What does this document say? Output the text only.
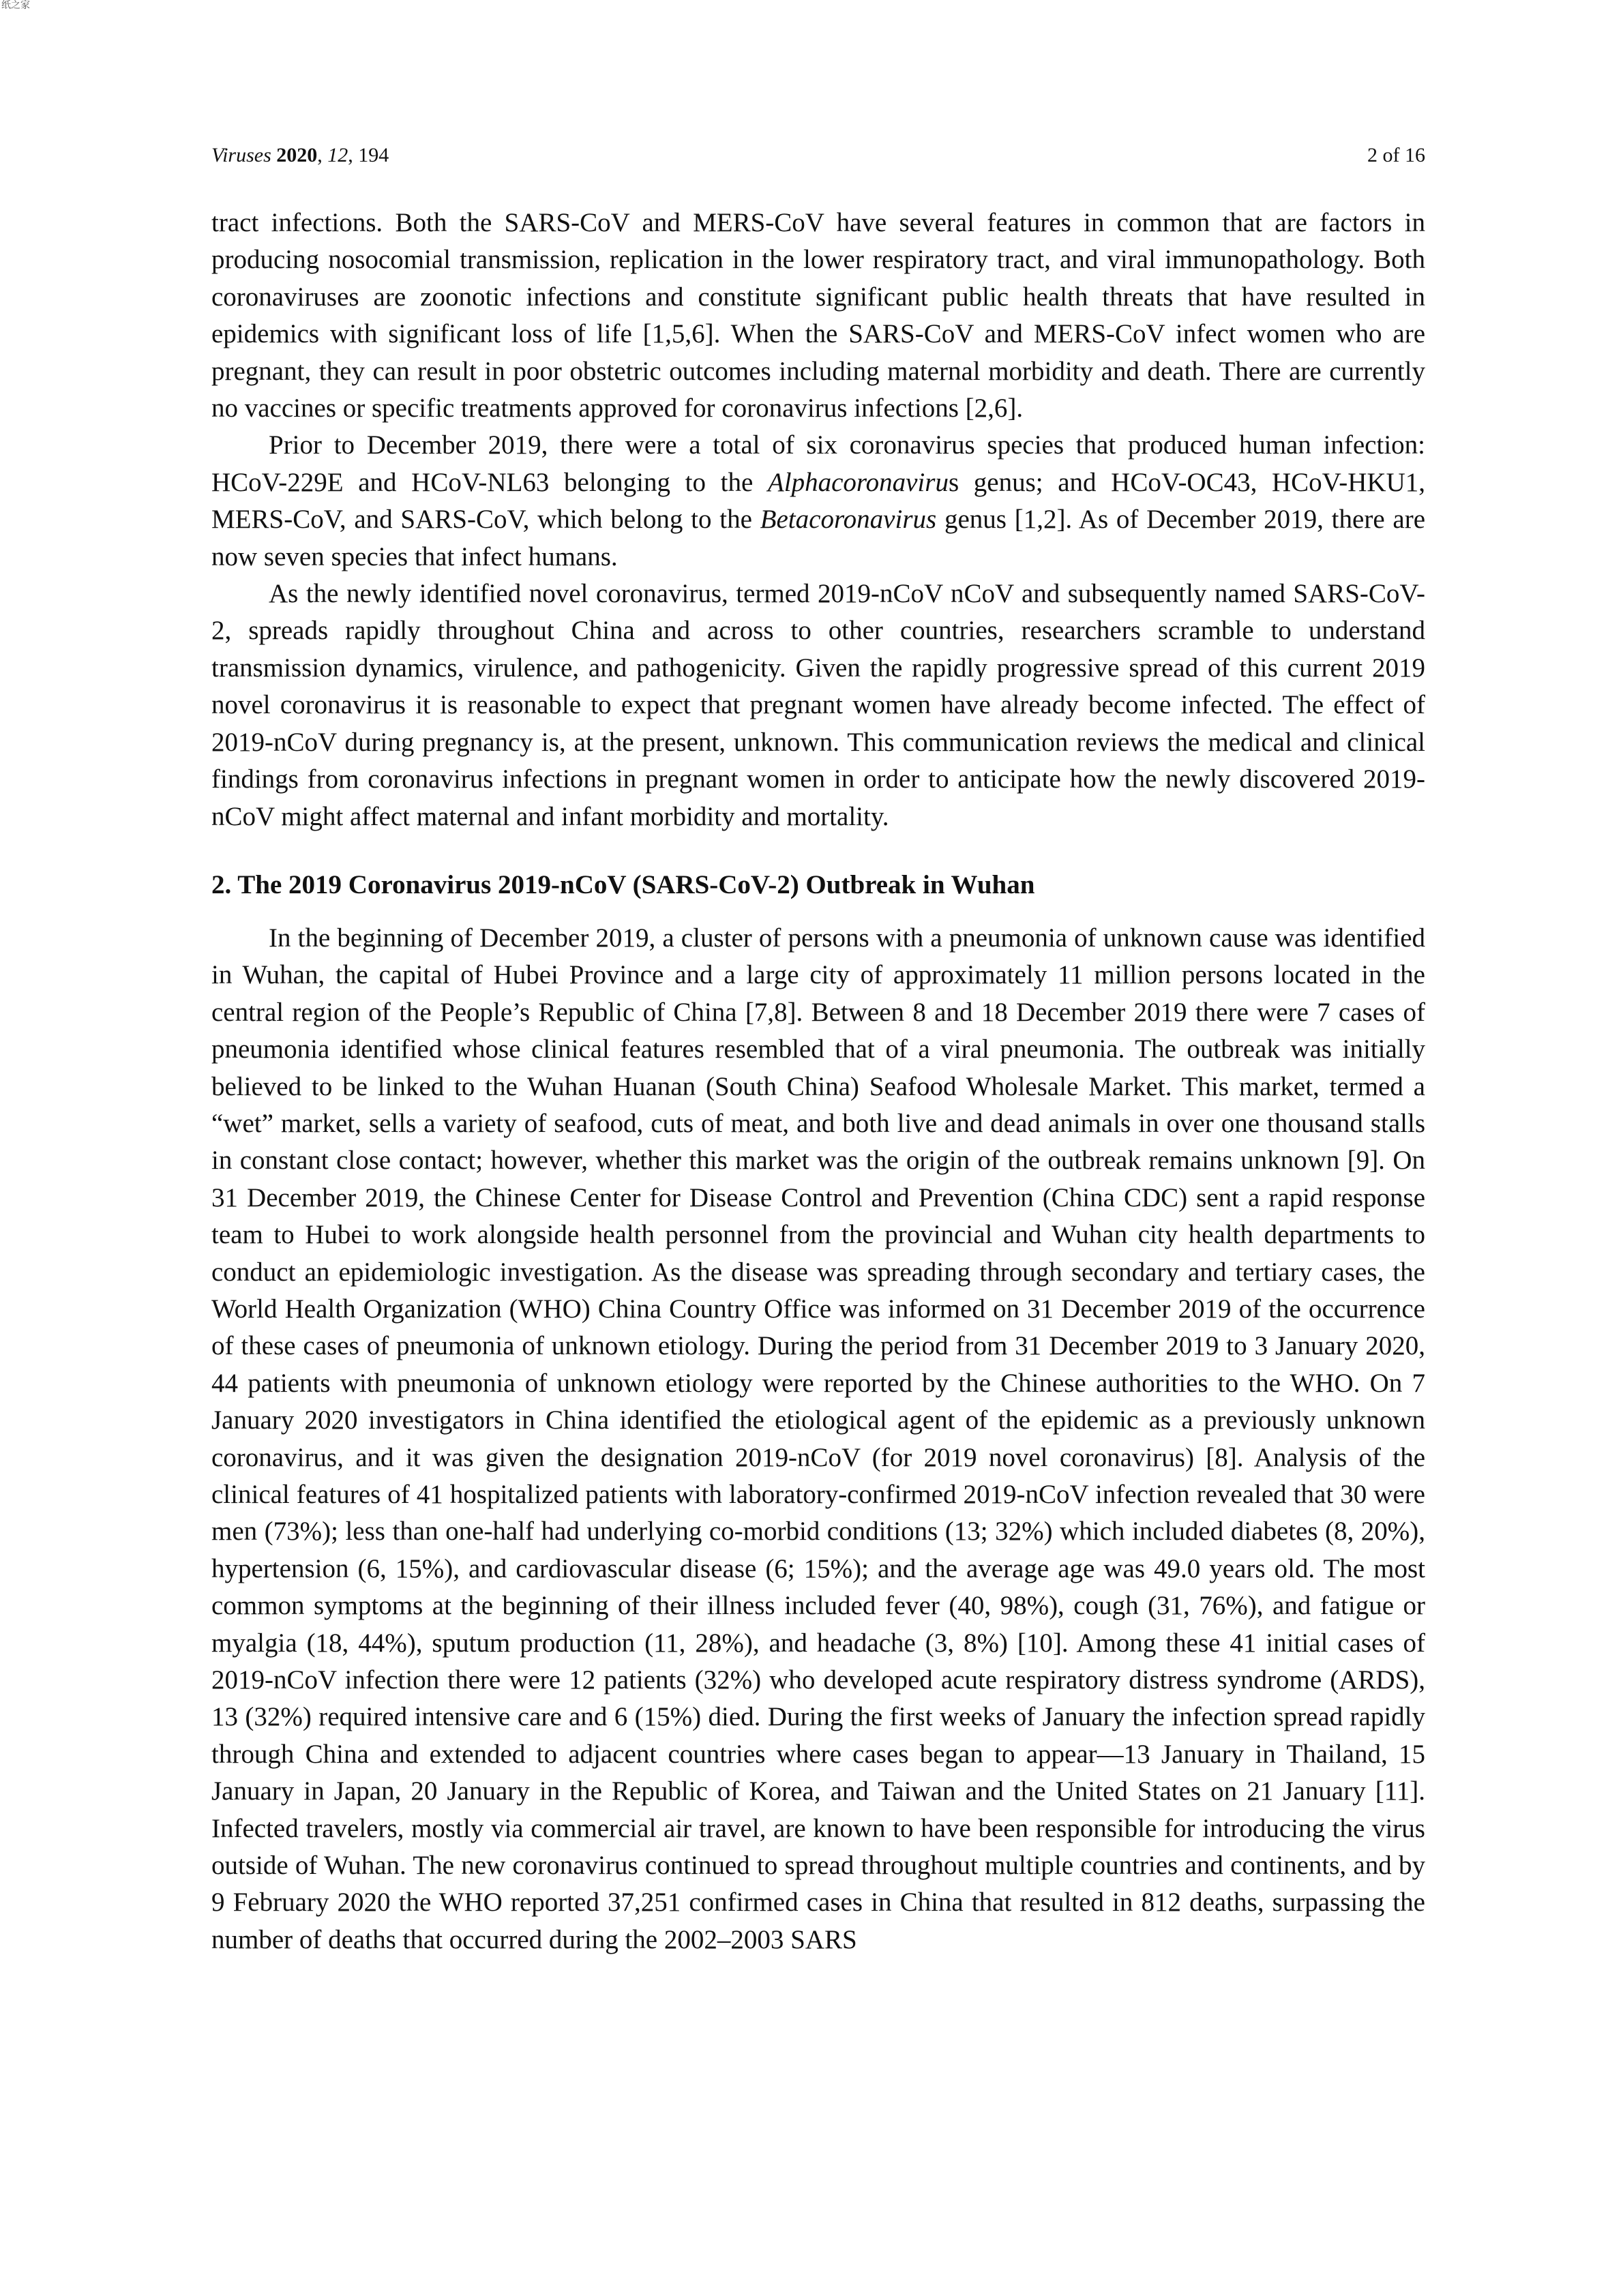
纸之家
Viruses 2020, 12, 194	2 of 16

tract infections. Both the SARS-CoV and MERS-CoV have several features in common that are factors in producing nosocomial transmission, replication in the lower respiratory tract, and viral immunopathology. Both coronaviruses are zoonotic infections and constitute significant public health threats that have resulted in epidemics with significant loss of life [1,5,6]. When the SARS-CoV and MERS-CoV infect women who are pregnant, they can result in poor obstetric outcomes including maternal morbidity and death. There are currently no vaccines or specific treatments approved for coronavirus infections [2,6].

Prior to December 2019, there were a total of six coronavirus species that produced human infection: HCoV-229E and HCoV-NL63 belonging to the Alphacoronavirus genus; and HCoV-OC43, HCoV-HKU1, MERS-CoV, and SARS-CoV, which belong to the Betacoronavirus genus [1,2]. As of December 2019, there are now seven species that infect humans.

As the newly identified novel coronavirus, termed 2019-nCoV nCoV and subsequently named SARS-CoV-2, spreads rapidly throughout China and across to other countries, researchers scramble to understand transmission dynamics, virulence, and pathogenicity. Given the rapidly progressive spread of this current 2019 novel coronavirus it is reasonable to expect that pregnant women have already become infected. The effect of 2019-nCoV during pregnancy is, at the present, unknown. This communication reviews the medical and clinical findings from coronavirus infections in pregnant women in order to anticipate how the newly discovered 2019-nCoV might affect maternal and infant morbidity and mortality.

2. The 2019 Coronavirus 2019-nCoV (SARS-CoV-2) Outbreak in Wuhan

In the beginning of December 2019, a cluster of persons with a pneumonia of unknown cause was identified in Wuhan, the capital of Hubei Province and a large city of approximately 11 million persons located in the central region of the People’s Republic of China [7,8]. Between 8 and 18 December 2019 there were 7 cases of pneumonia identified whose clinical features resembled that of a viral pneumonia. The outbreak was initially believed to be linked to the Wuhan Huanan (South China) Seafood Wholesale Market. This market, termed a “wet” market, sells a variety of seafood, cuts of meat, and both live and dead animals in over one thousand stalls in constant close contact; however, whether this market was the origin of the outbreak remains unknown [9]. On 31 December 2019, the Chinese Center for Disease Control and Prevention (China CDC) sent a rapid response team to Hubei to work alongside health personnel from the provincial and Wuhan city health departments to conduct an epidemiologic investigation. As the disease was spreading through secondary and tertiary cases, the World Health Organization (WHO) China Country Office was informed on 31 December 2019 of the occurrence of these cases of pneumonia of unknown etiology. During the period from 31 December 2019 to 3 January 2020, 44 patients with pneumonia of unknown etiology were reported by the Chinese authorities to the WHO. On 7 January 2020 investigators in China identified the etiological agent of the epidemic as a previously unknown coronavirus, and it was given the designation 2019-nCoV (for 2019 novel coronavirus) [8]. Analysis of the clinical features of 41 hospitalized patients with laboratory-confirmed 2019-nCoV infection revealed that 30 were men (73%); less than one-half had underlying co-morbid conditions (13; 32%) which included diabetes (8, 20%), hypertension (6, 15%), and cardiovascular disease (6; 15%); and the average age was 49.0 years old. The most common symptoms at the beginning of their illness included fever (40, 98%), cough (31, 76%), and fatigue or myalgia (18, 44%), sputum production (11, 28%), and headache (3, 8%) [10]. Among these 41 initial cases of 2019-nCoV infection there were 12 patients (32%) who developed acute respiratory distress syndrome (ARDS), 13 (32%) required intensive care and 6 (15%) died. During the first weeks of January the infection spread rapidly through China and extended to adjacent countries where cases began to appear—13 January in Thailand, 15 January in Japan, 20 January in the Republic of Korea, and Taiwan and the United States on 21 January [11]. Infected travelers, mostly via commercial air travel, are known to have been responsible for introducing the virus outside of Wuhan. The new coronavirus continued to spread throughout multiple countries and continents, and by 9 February 2020 the WHO reported 37,251 confirmed cases in China that resulted in 812 deaths, surpassing the number of deaths that occurred during the 2002–2003 SARS
